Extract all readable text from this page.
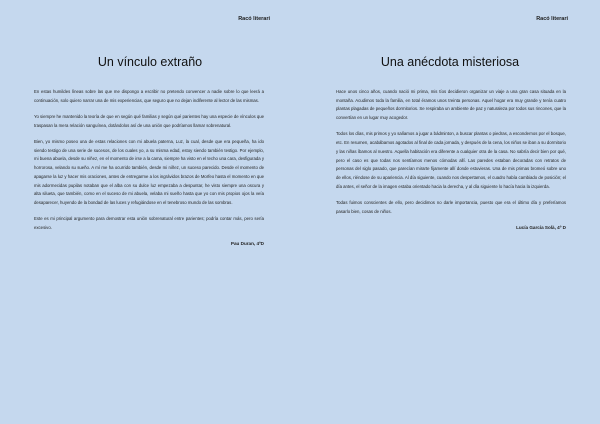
Racó literari
Un vínculo extraño

En estas humildes líneas sobre las que me dispongo a escribir no pretendo convencer a nadie sobre lo que leerá a continuación, solo quiero narrar una de mis experiencias, que seguro que no dejan indiferente al lector de las mismas.

Yo siempre he mantenido la teoría de que en según qué familias y según qué parientes hay una especie de vínculos que traspasan la mera relación sanguínea, dotándolos así de una unión que podríamos llamar sobrenatural.

Bien, yo mismo poseo una de estas relaciones con mi abuela paterna, Luz, la cual, desde que era pequeña, ha ido siendo testigo de una serie de sucesos, de los cuales yo, a su misma edad, estoy siendo también testigo. Por ejemplo, mi buena abuela, desde su niñez, en el momento de irse a la cama, siempre ha visto en el techo una cara, desfigurada y horrorosa, velando su sueño. A mí me ha ocurrido también, desde mi niñez, un suceso parecido. Desde el momento de apagarse la luz y hacer mis oraciones, antes de entregarme a los ingrávidos brazos de Morfeo hasta el momento en que mis adormecidas pupilas notaban que el alba con su dulce luz empezaba a despuntar, he visto siempre una oscura y alta silueta, que también, como en el suceso de mi abuela, velaba mi sueño hasta que yo con mis propios ojos la veía desaparecer, huyendo de la bondad de las luces y refugiándose en el tenebroso mundo de las sombras.

Este es mi principal argumento para demostrar esta unión sobrenatural entre parientes; podría contar más, pero sería excesivo.

Pau Duran, 4ºD
Racó literari
Una anécdota misteriosa

Hace unos cinco años, cuando nació mi prima, mis tíos decidieron organizar un viaje a una gran casa situada en la montaña. Acudimos toda la familia, en total éramos unos treinta personas. Aquel hogar era muy grande y tenía cuatro plantas plagadas de pequeños dormitorios. Se respiraba un ambiente de paz y naturaleza por todos sus rincones, que la convertían en un lugar muy acogedor.

Todos los días, mis primos y yo salíamos a jugar a bádminton, a buscar plantas o piedras, a escondernos por el bosque, etc. En resumen, acabábamos agotados al final de cada jornada, y después de la cena, los niños se iban a su dormitorio y las niñas íbamos al nuestro. Aquella habitación era diferente a cualquier otra de la casa. No sabría decir bien por qué, pero el caso es que todas nos sentíamos menos cómodas allí. Las paredes estaban decoradas con retratos de personas del siglo pasado, que parecían mirarte fijamente allí donde estuvieras. Una de mis primas bromeó sobre uno de ellos, riéndose de su apariencia. Al día siguiente, cuando nos despertamos, el cuadro había cambiado de posición; el día antes, el señor de la imagen estaba orientado hacia la derecha, y al día siguiente lo hacía hacia la izquierda.

Todas fuimos conscientes de ello, pero decidimos no darle importancia, puesto que era el último día y preferíamos pasarlo bien, cosas de niños.

Lucía García Solà, 4º D
